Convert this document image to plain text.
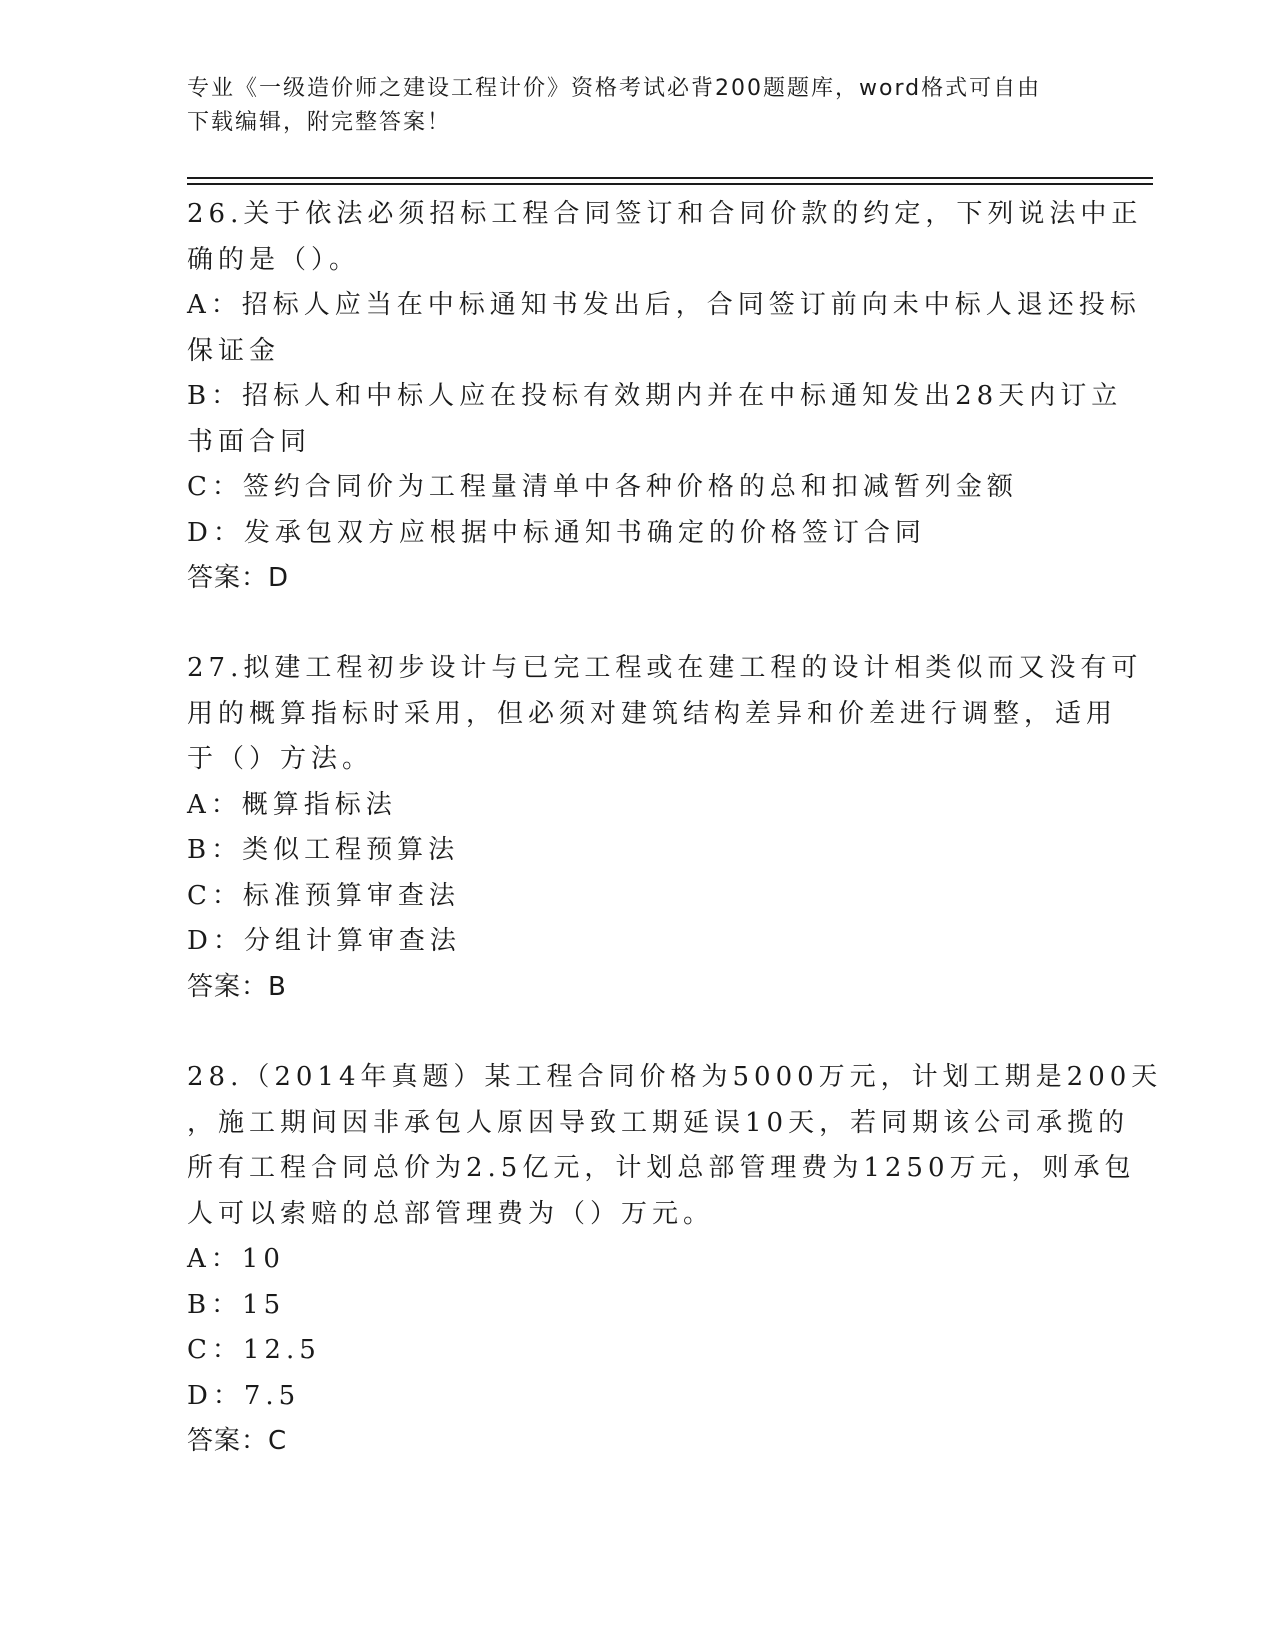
专业《一级造价师之建设工程计价》资格考试必背200题题库，word格式可自由
下载编辑，附完整答案！
26.关于依法必须招标工程合同签订和合同价款的约定，下列说法中正
确的是（）。
A：招标人应当在中标通知书发出后，合同签订前向未中标人退还投标
保证金
B：招标人和中标人应在投标有效期内并在中标通知发出28天内订立
书面合同
C：签约合同价为工程量清单中各种价格的总和扣减暂列金额
D：发承包双方应根据中标通知书确定的价格签订合同
答案：D
27.拟建工程初步设计与已完工程或在建工程的设计相类似而又没有可
用的概算指标时采用，但必须对建筑结构差异和价差进行调整，适用
于（）方法。
A：概算指标法
B：类似工程预算法
C：标准预算审查法
D：分组计算审查法
答案：B
28.（2014年真题）某工程合同价格为5000万元，计划工期是200天
，施工期间因非承包人原因导致工期延误10天，若同期该公司承揽的
所有工程合同总价为2.5亿元，计划总部管理费为1250万元，则承包
人可以索赔的总部管理费为（）万元。
A：10
B：15
C：12.5
D：7.5
答案：C
